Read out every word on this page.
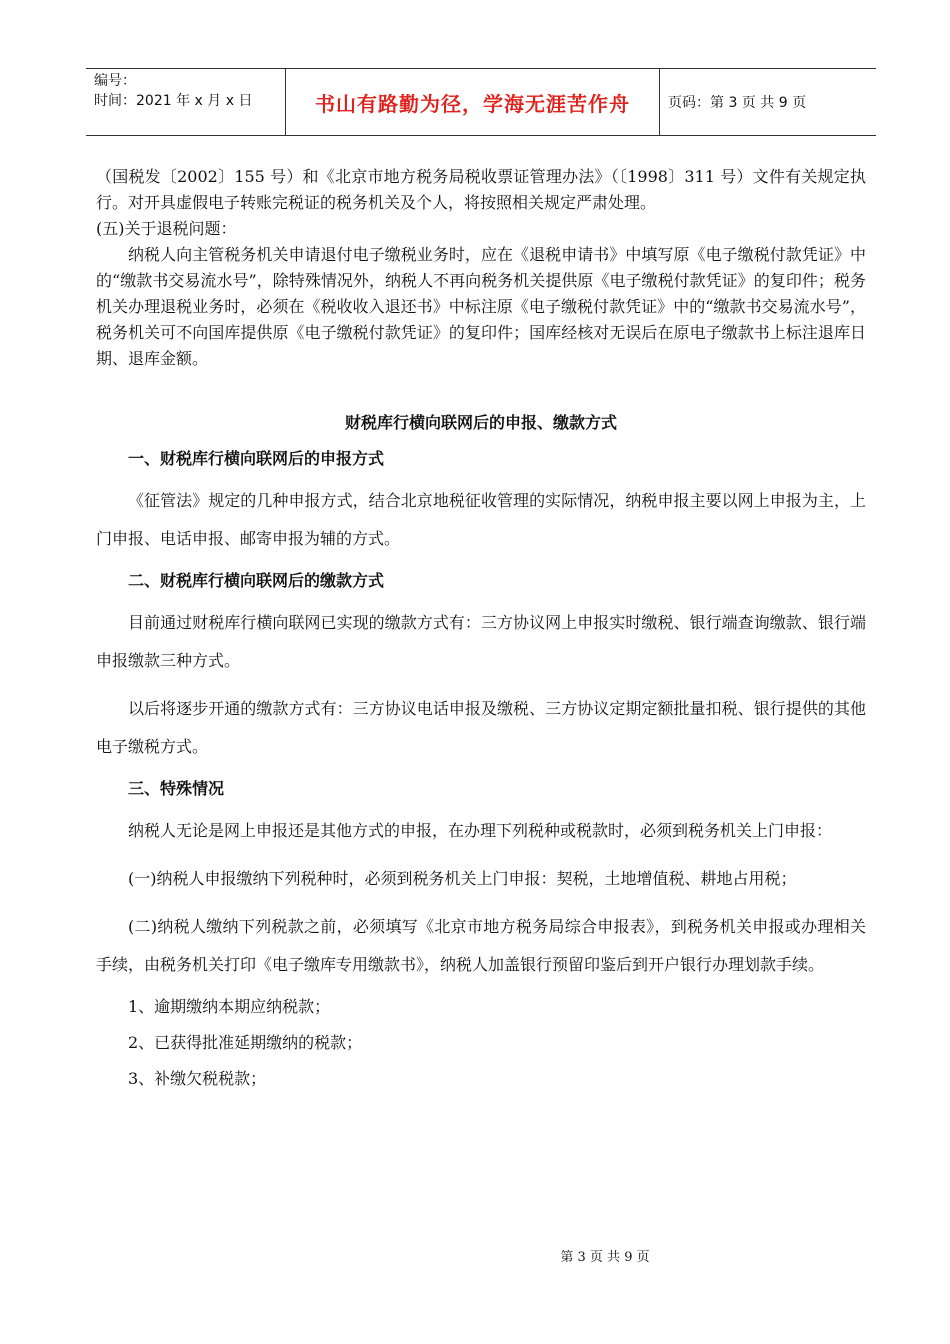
编号：
时间：2021 年 x 月 x 日	书山有路勤为径，学海无涯苦作舟	页码：第 3 页 共 9 页

（国税发〔2002〕155 号）和《北京市地方税务局税收票证管理办法》（〔1998〕311 号）文件有关规定执行。对开具虚假电子转账完税证的税务机关及个人，将按照相关规定严肃处理。

(五)关于退税问题：

纳税人向主管税务机关申请退付电子缴税业务时，应在《退税申请书》中填写原《电子缴税付款凭证》中的“缴款书交易流水号”，除特殊情况外，纳税人不再向税务机关提供原《电子缴税付款凭证》的复印件；税务机关办理退税业务时，必须在《税收收入退还书》中标注原《电子缴税付款凭证》中的“缴款书交易流水号”，税务机关可不向国库提供原《电子缴税付款凭证》的复印件；国库经核对无误后在原电子缴款书上标注退库日期、退库金额。

财税库行横向联网后的申报、缴款方式
一、财税库行横向联网后的申报方式

《征管法》规定的几种申报方式，结合北京地税征收管理的实际情况，纳税申报主要以网上申报为主，上门申报、电话申报、邮寄申报为辅的方式。

二、财税库行横向联网后的缴款方式

目前通过财税库行横向联网已实现的缴款方式有：三方协议网上申报实时缴税、银行端查询缴款、银行端申报缴款三种方式。

以后将逐步开通的缴款方式有：三方协议电话申报及缴税、三方协议定期定额批量扣税、银行提供的其他电子缴税方式。

三、特殊情况

纳税人无论是网上申报还是其他方式的申报，在办理下列税种或税款时，必须到税务机关上门申报：

(一)纳税人申报缴纳下列税种时，必须到税务机关上门申报：契税，土地增值税、耕地占用税；

(二)纳税人缴纳下列税款之前，必须填写《北京市地方税务局综合申报表》，到税务机关申报或办理相关手续，由税务机关打印《电子缴库专用缴款书》，纳税人加盖银行预留印鉴后到开户银行办理划款手续。

1、逾期缴纳本期应纳税款；
2、已获得批准延期缴纳的税款；
3、补缴欠税税款；
第 3 页 共 9 页
